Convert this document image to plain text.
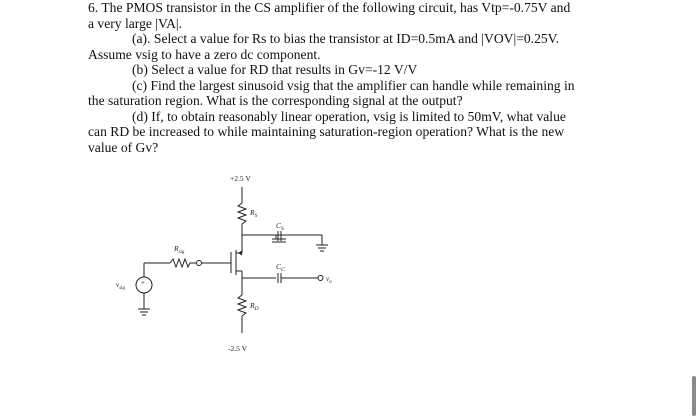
6. The PMOS transistor in the CS amplifier of the following circuit, has Vtp=-0.75V and

a very large |VA|.

(a). Select a value for Rs to bias the transistor at ID=0.5mA and |VOV|=0.25V.

Assume vsig to have a zero dc component.

(b) Select a value for RD that results in Gv=-12 V/V

(c) Find the largest sinusoid vsig that the amplifier can handle while remaining in

the saturation region. What is the corresponding signal at the output?

(d) If, to obtain reasonably linear operation, vsig is limited to 50mV, what value

can RD be increased to while maintaining saturation-region operation? What is the new

value of Gv?

+2.5 V
-2.5 V
$R_S$
$C_S$
$R_{sig}$
$C_C$
$R_D$
$v_{sig}$
$v_o$
+
